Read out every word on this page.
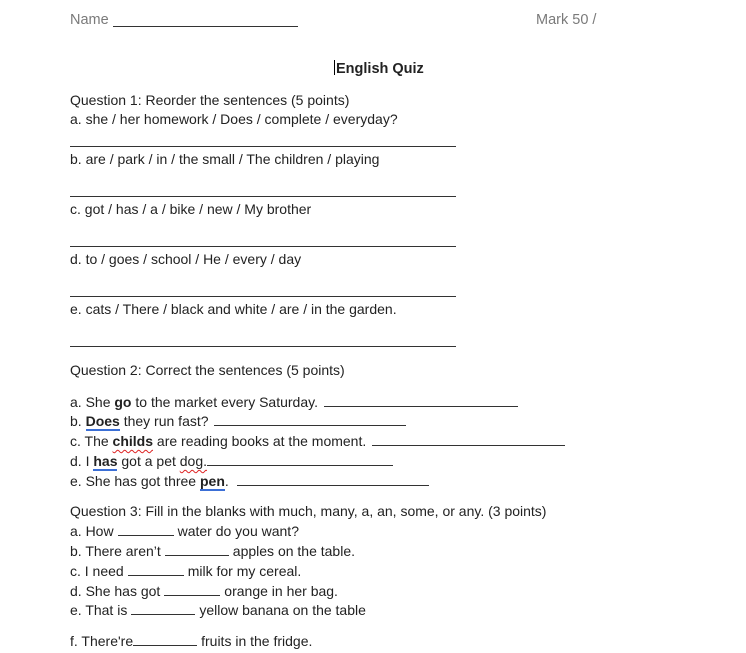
Name	Mark 50 /
English Quiz
Question 1: Reorder the sentences (5 points)
a. she / her homework / Does / complete / everyday?
b. are / park / in / the small / The children / playing
c. got / has / a / bike / new / My brother
d. to / goes / school / He / every / day
e. cats / There / black and white / are / in the garden.
Question 2: Correct the sentences (5 points)
a. She go to the market every Saturday.
b. Does they run fast?
c. The childs are reading books at the moment.
d. I has got a pet dog.
e. She has got three pen.
Question 3: Fill in the blanks with much, many, a, an, some, or any. (3 points)
a. How	water do you want?
b. There aren’t	apples on the table.
c. I need	milk for my cereal.
d. She has got	orange in her bag.
e. That is	yellow banana on the table
f. There're	fruits in the fridge.
